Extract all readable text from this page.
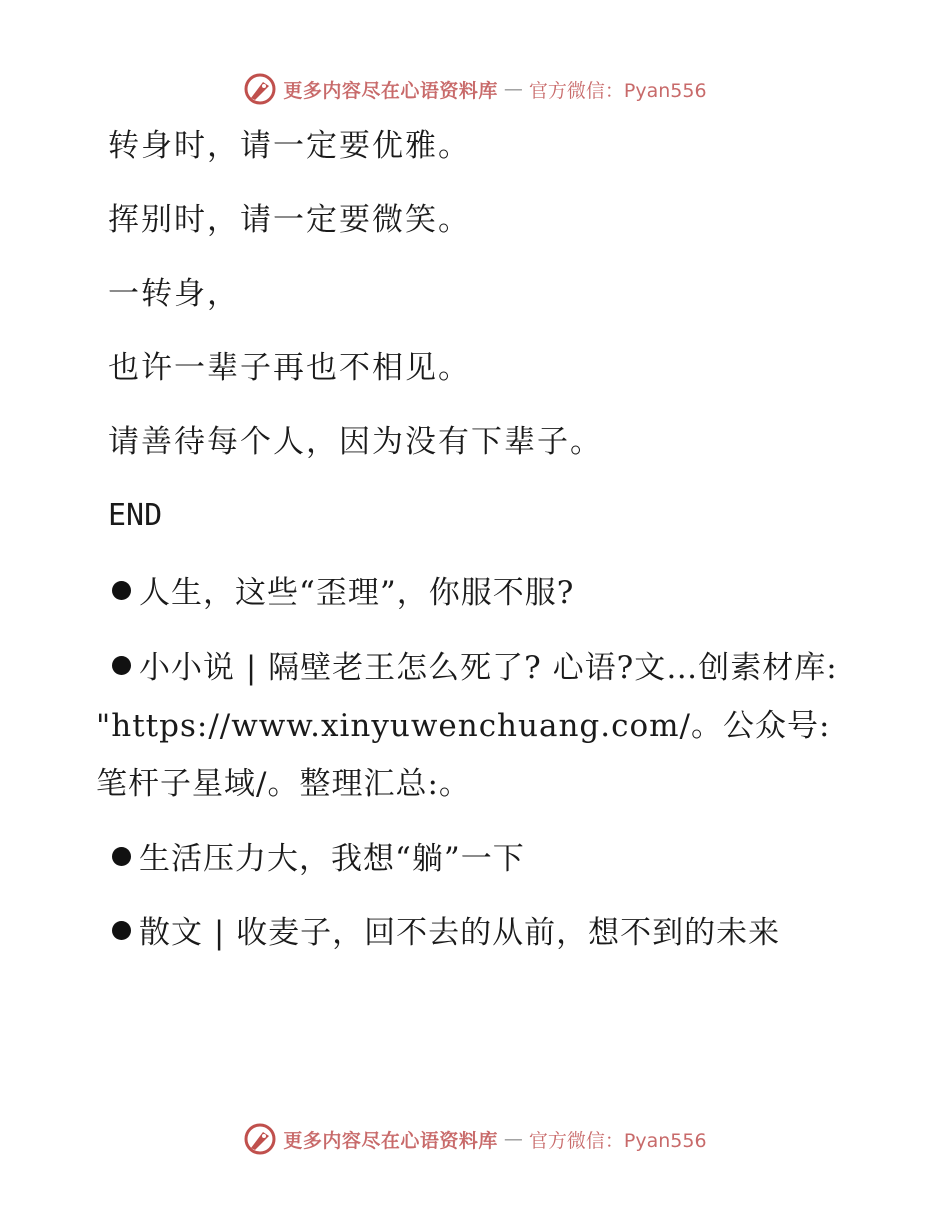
更多内容尽在心语资料库 — 官方微信：Pyan556

转身时，请一定要优雅。

挥别时，请一定要微笑。

一转身，

也许一辈子再也不相见。

请善待每个人，因为没有下辈子。

END

人生，这些“歪理”，你服不服?
小小说 | 隔壁老王怎么死了? 心语?文…创素材库: "https://www.xinyuwenchuang.com/。公众号: 笔杆子星域/。整理汇总:。
生活压力大，我想“躺”一下
散文 | 收麦子，回不去的从前，想不到的未来
更多内容尽在心语资料库 — 官方微信：Pyan556
